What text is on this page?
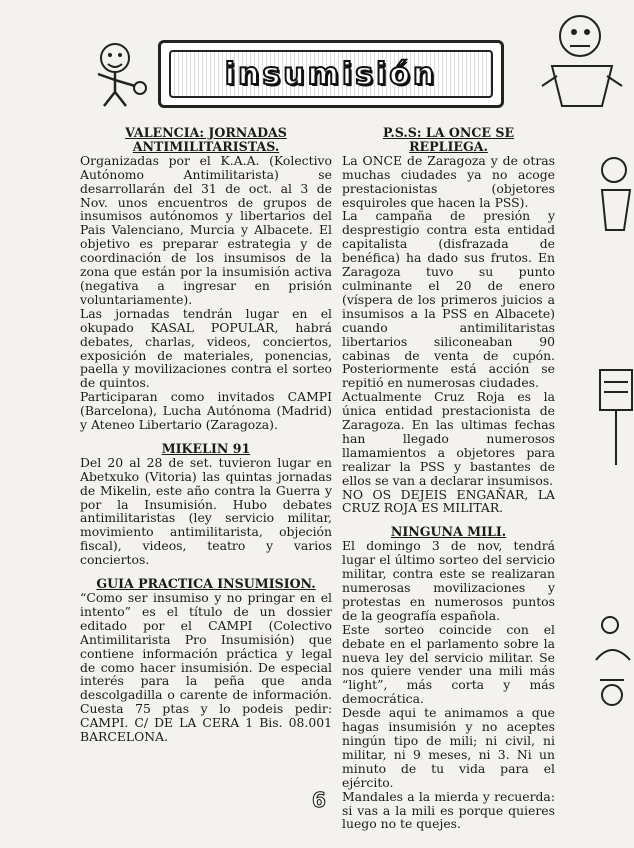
insumisión

VALENCIA: JORNADAS ANTIMILITARISTAS.

Organizadas por el K.A.A. (Kolectivo Autónomo Antimilitarista) se desarrollarán del 31 de oct. al 3 de Nov. unos encuentros de grupos de insumisos autónomos y libertarios del Pais Valenciano, Murcia y Albacete. El objetivo es preparar estrategia y de coordinación de los insumisos de la zona que están por la insumisión activa (negativa a ingresar en prisión voluntariamente).

Las jornadas tendrán lugar en el okupado KASAL POPULAR, habrá debates, charlas, videos, conciertos, exposición de materiales, ponencias, paella y movilizaciones contra el sorteo de quintos.

Participaran como invitados CAMPI (Barcelona), Lucha Autónoma (Madrid) y Ateneo Libertario (Zaragoza).

MIKELIN 91

Del 20 al 28 de set. tuvieron lugar en Abetxuko (Vitoria) las quintas jornadas de Mikelin, este año contra la Guerra y por la Insumisión. Hubo debates antimilitaristas (ley servicio militar, movimiento antimilitarista, objeción fiscal), videos, teatro y varios conciertos.

GUIA PRACTICA INSUMISION.

“Como ser insumiso y no pringar en el intento” es el título de un dossier editado por el CAMPI (Colectivo Antimilitarista Pro Insumisión) que contiene información práctica y legal de como hacer insumisión. De especial interés para la peña que anda descolgadilla o carente de información. Cuesta 75 ptas y lo podeis pedir: CAMPI. C/ DE LA CERA 1 Bis. 08.001 BARCELONA.

P.S.S: LA ONCE SE REPLIEGA.

La ONCE de Zaragoza y de otras muchas ciudades ya no acoge prestacionistas (objetores esquiroles que hacen la PSS).

La campaña de presión y desprestigio contra esta entidad capitalista (disfrazada de benéfica) ha dado sus frutos. En Zaragoza tuvo su punto culminante el 20 de enero (víspera de los primeros juicios a insumisos a la PSS en Albacete) cuando antimilitaristas libertarios siliconeaban 90 cabinas de venta de cupón. Posteriormente está acción se repitió en numerosas ciudades.

Actualmente Cruz Roja es la única entidad prestacionista de Zaragoza. En las ultimas fechas han llegado numerosos llamamientos a objetores para realizar la PSS y bastantes de ellos se van a declarar insumisos.

NO OS DEJEIS ENGAÑAR, LA CRUZ ROJA ES MILITAR.

NINGUNA MILI.

El domingo 3 de nov, tendrá lugar el último sorteo del servicio militar, contra este se realizaran numerosas movilizaciones y protestas en numerosos puntos de la geografía española.

Este sorteo coincide con el debate en el parlamento sobre la nueva ley del servicio militar. Se nos quiere vender una mili más “light”, más corta y más democrática.

Desde aqui te animamos a que hagas insumisión y no aceptes ningún tipo de mili; ni civil, ni militar, ni 9 meses, ni 3. Ni un minuto de tu vida para el ejército.

Mandales a la mierda y recuerda: si vas a la mili es porque quieres luego no te quejes.

6
